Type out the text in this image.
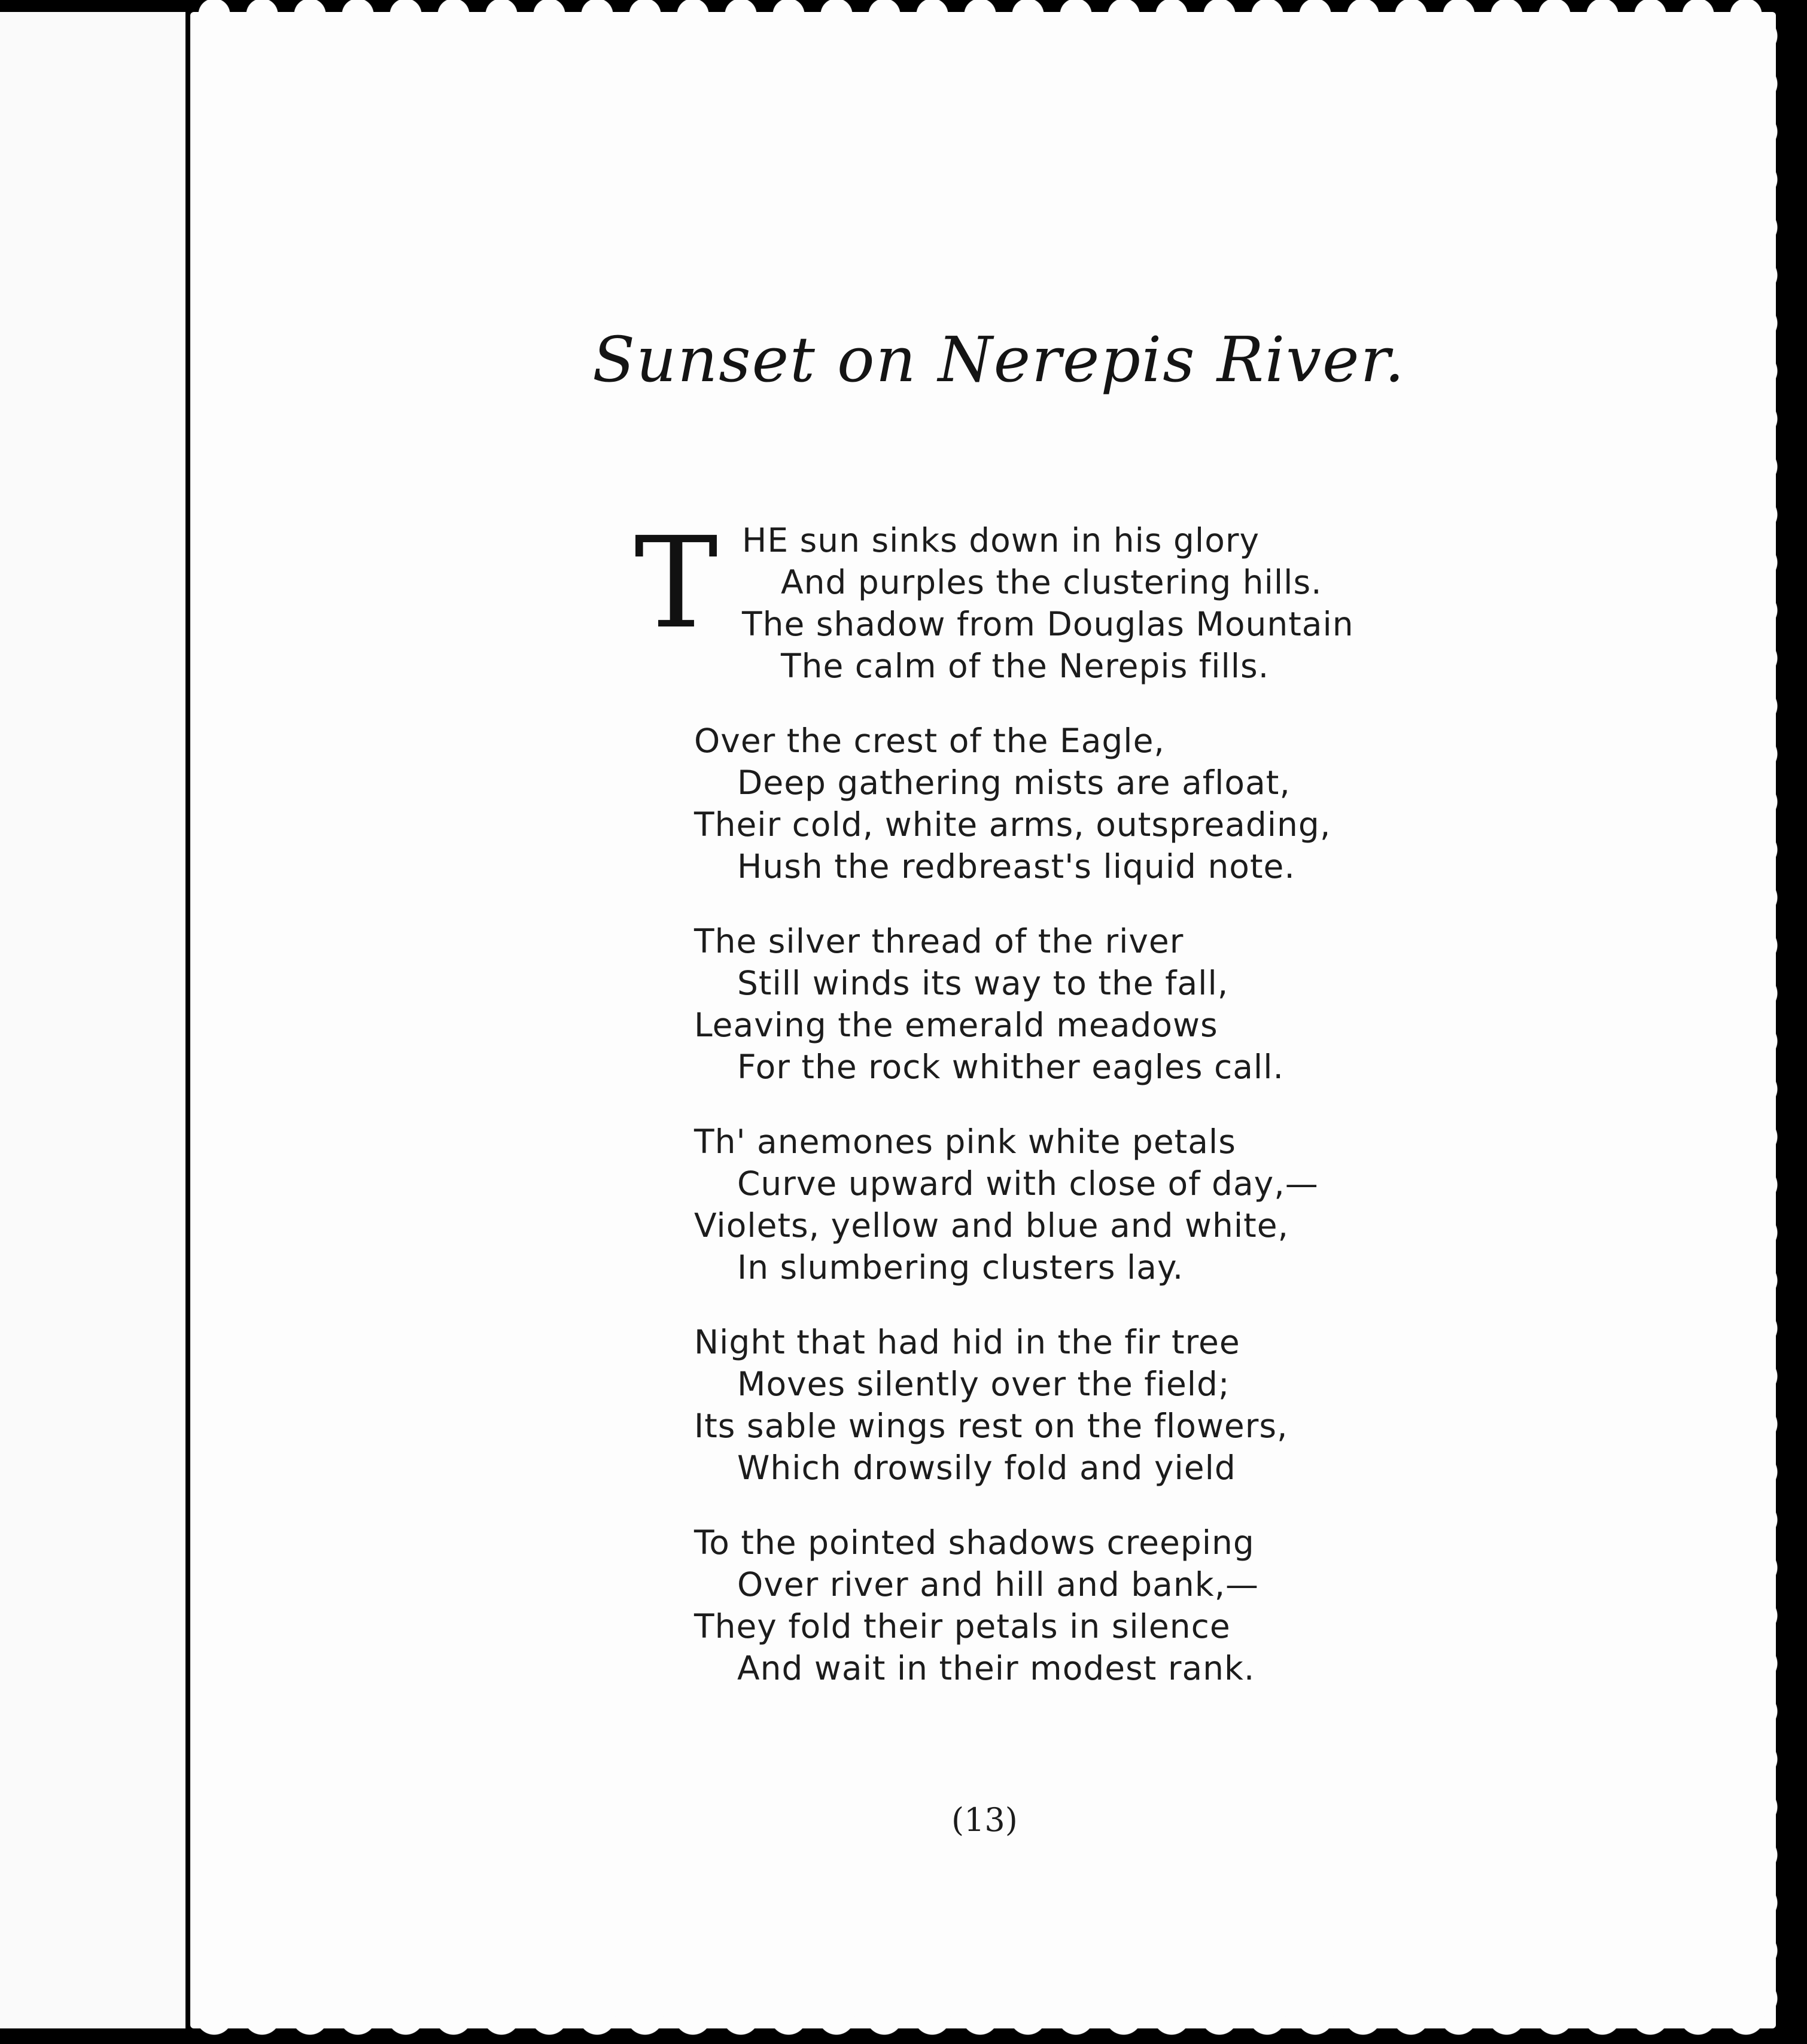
Sunset on Nerepis River.
T HE sun sinks down in his glory
And purples the clustering hills.
The shadow from Douglas Mountain
The calm of the Nerepis fills.
Over the crest of the Eagle,
Deep gathering mists are afloat,
Their cold, white arms, outspreading,
Hush the redbreast's liquid note.
The silver thread of the river
Still winds its way to the fall,
Leaving the emerald meadows
For the rock whither eagles call.
Th' anemones pink white petals
Curve upward with close of day,—
Violets, yellow and blue and white,
In slumbering clusters lay.
Night that had hid in the fir tree
Moves silently over the field;
Its sable wings rest on the flowers,
Which drowsily fold and yield
To the pointed shadows creeping
Over river and hill and bank,—
They fold their petals in silence
And wait in their modest rank.
(13)
